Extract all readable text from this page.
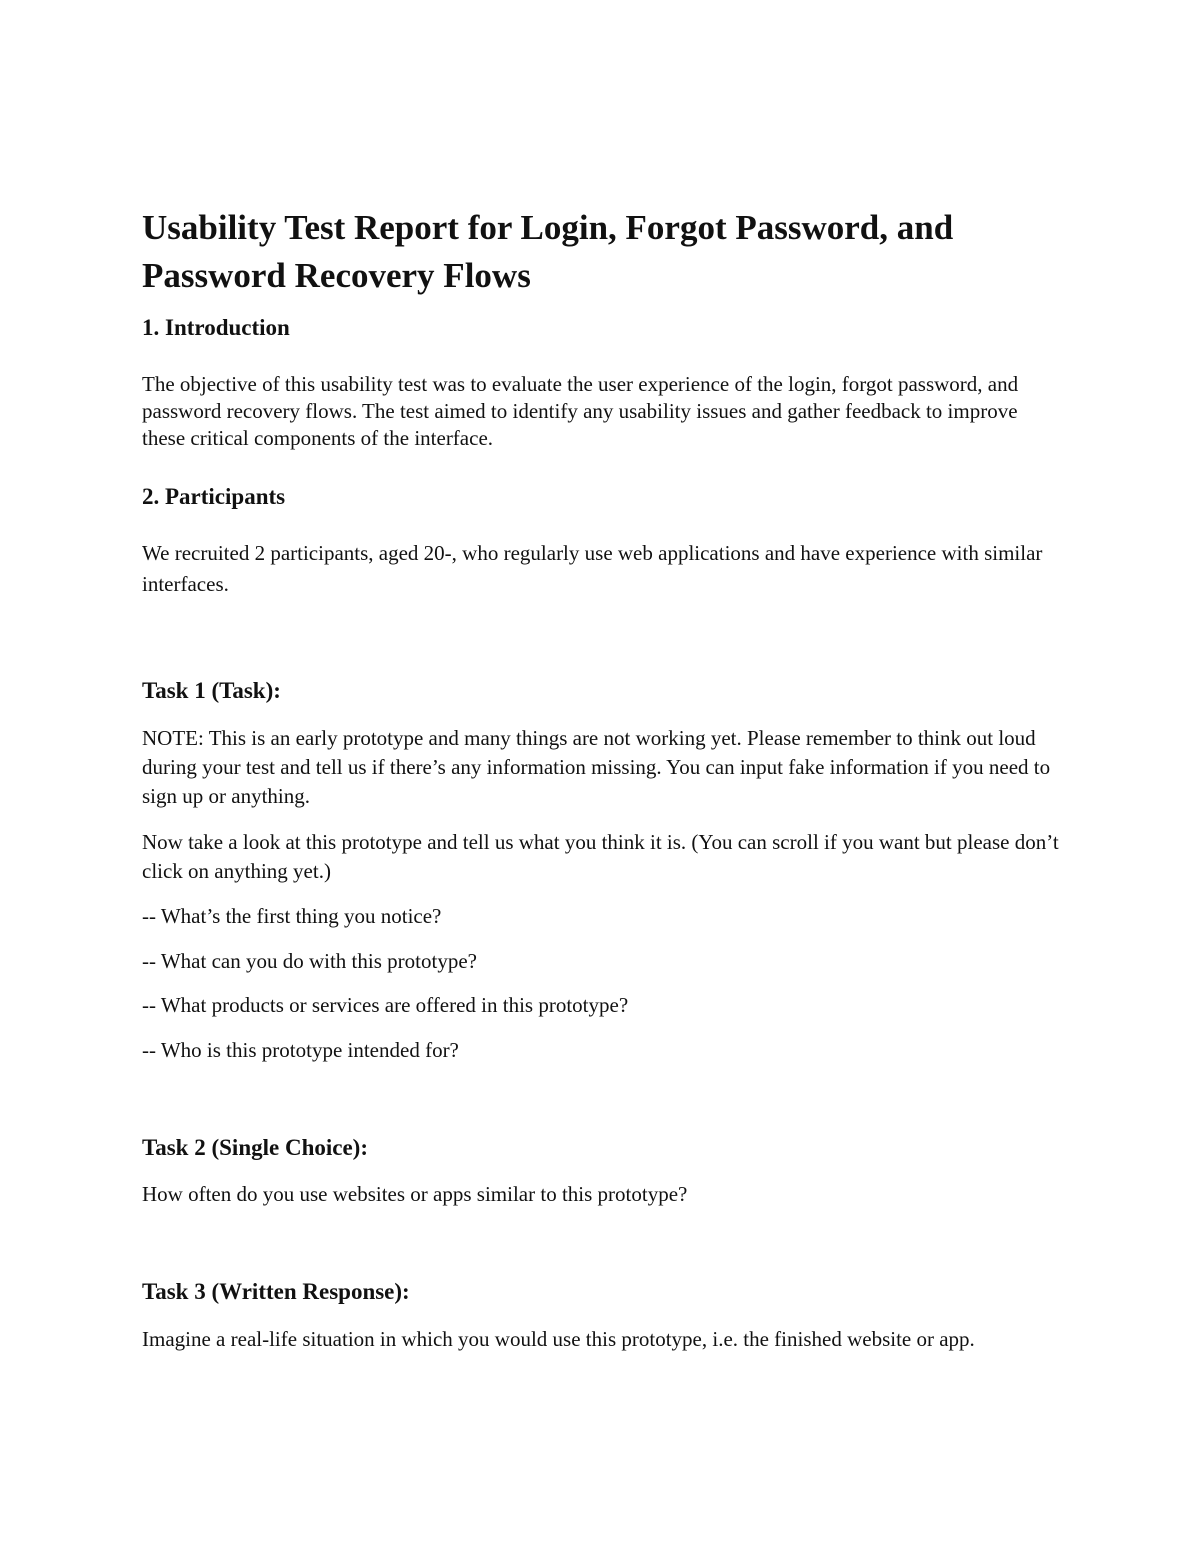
Usability Test Report for Login, Forgot Password, and Password Recovery Flows
1. Introduction

The objective of this usability test was to evaluate the user experience of the login, forgot password, and password recovery flows. The test aimed to identify any usability issues and gather feedback to improve these critical components of the interface.

2. Participants

We recruited 2 participants, aged 20-, who regularly use web applications and have experience with similar interfaces.

Task 1 (Task):

NOTE: This is an early prototype and many things are not working yet. Please remember to think out loud during your test and tell us if there’s any information missing. You can input fake information if you need to sign up or anything.

Now take a look at this prototype and tell us what you think it is. (You can scroll if you want but please don’t click on anything yet.)

-- What’s the first thing you notice?

-- What can you do with this prototype?

-- What products or services are offered in this prototype?

-- Who is this prototype intended for?

Task 2 (Single Choice):

How often do you use websites or apps similar to this prototype?

Task 3 (Written Response):

Imagine a real-life situation in which you would use this prototype, i.e. the finished website or app.
